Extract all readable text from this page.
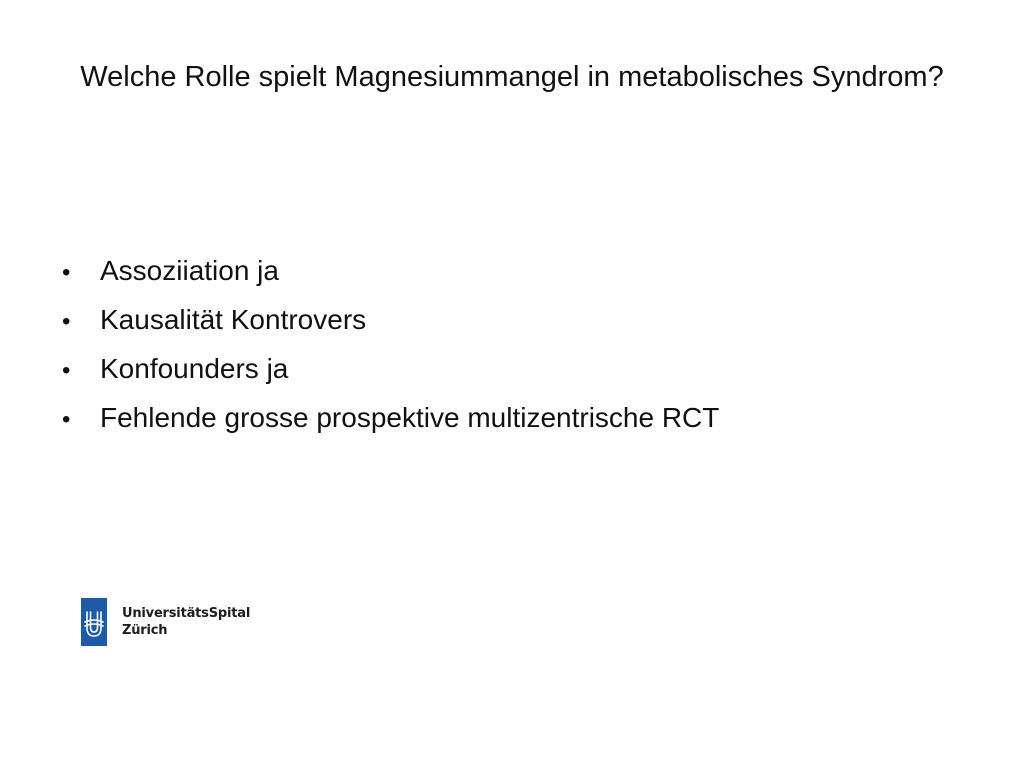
Welche Rolle spielt Magnesiummangel in metabolisches Syndrom?
•	Assoziiation ja
•	Kausalität Kontrovers
•	Konfounders ja
•	Fehlende grosse prospektive multizentrische RCT
UniversitätsSpital
Zürich
